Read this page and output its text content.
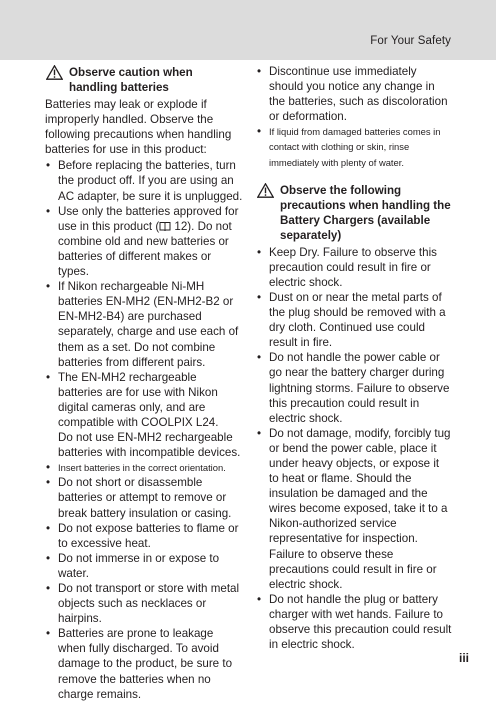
For Your Safety
Observe caution when
handling batteries

Batteries may leak or explode if improperly handled. Observe the following precautions when handling batteries for use in this product:

• Before replacing the batteries, turn the product off. If you are using an AC adapter, be sure it is unplugged.
• Use only the batteries approved for use in this product ( 12). Do not combine old and new batteries or batteries of different makes or types.
• If Nikon rechargeable Ni-MH batteries EN-MH2 (EN-MH2-B2 or EN-MH2-B4) are purchased separately, charge and use each of them as a set. Do not combine batteries from different pairs.
• The EN-MH2 rechargeable batteries are for use with Nikon digital cameras only, and are compatible with COOLPIX L24.
Do not use EN-MH2 rechargeable batteries with incompatible devices.
• Insert batteries in the correct orientation.
• Do not short or disassemble batteries or attempt to remove or break battery insulation or casing.
• Do not expose batteries to flame or to excessive heat.
• Do not immerse in or expose to water.
• Do not transport or store with metal objects such as necklaces or hairpins.
• Batteries are prone to leakage when fully discharged. To avoid damage to the product, be sure to remove the batteries when no charge remains.
• Discontinue use immediately should you notice any change in the batteries, such as discoloration or deformation.
• If liquid from damaged batteries comes in contact with clothing or skin, rinse immediately with plenty of water.
Observe the following precautions when handling the Battery Chargers (available separately)
• Keep Dry. Failure to observe this precaution could result in fire or electric shock.
• Dust on or near the metal parts of the plug should be removed with a dry cloth. Continued use could result in fire.
• Do not handle the power cable or go near the battery charger during lightning storms. Failure to observe this precaution could result in electric shock.
• Do not damage, modify, forcibly tug or bend the power cable, place it under heavy objects, or expose it to heat or flame. Should the insulation be damaged and the wires become exposed, take it to a Nikon-authorized service representative for inspection. Failure to observe these precautions could result in fire or electric shock.
• Do not handle the plug or battery charger with wet hands. Failure to observe this precaution could result in electric shock.
iii
